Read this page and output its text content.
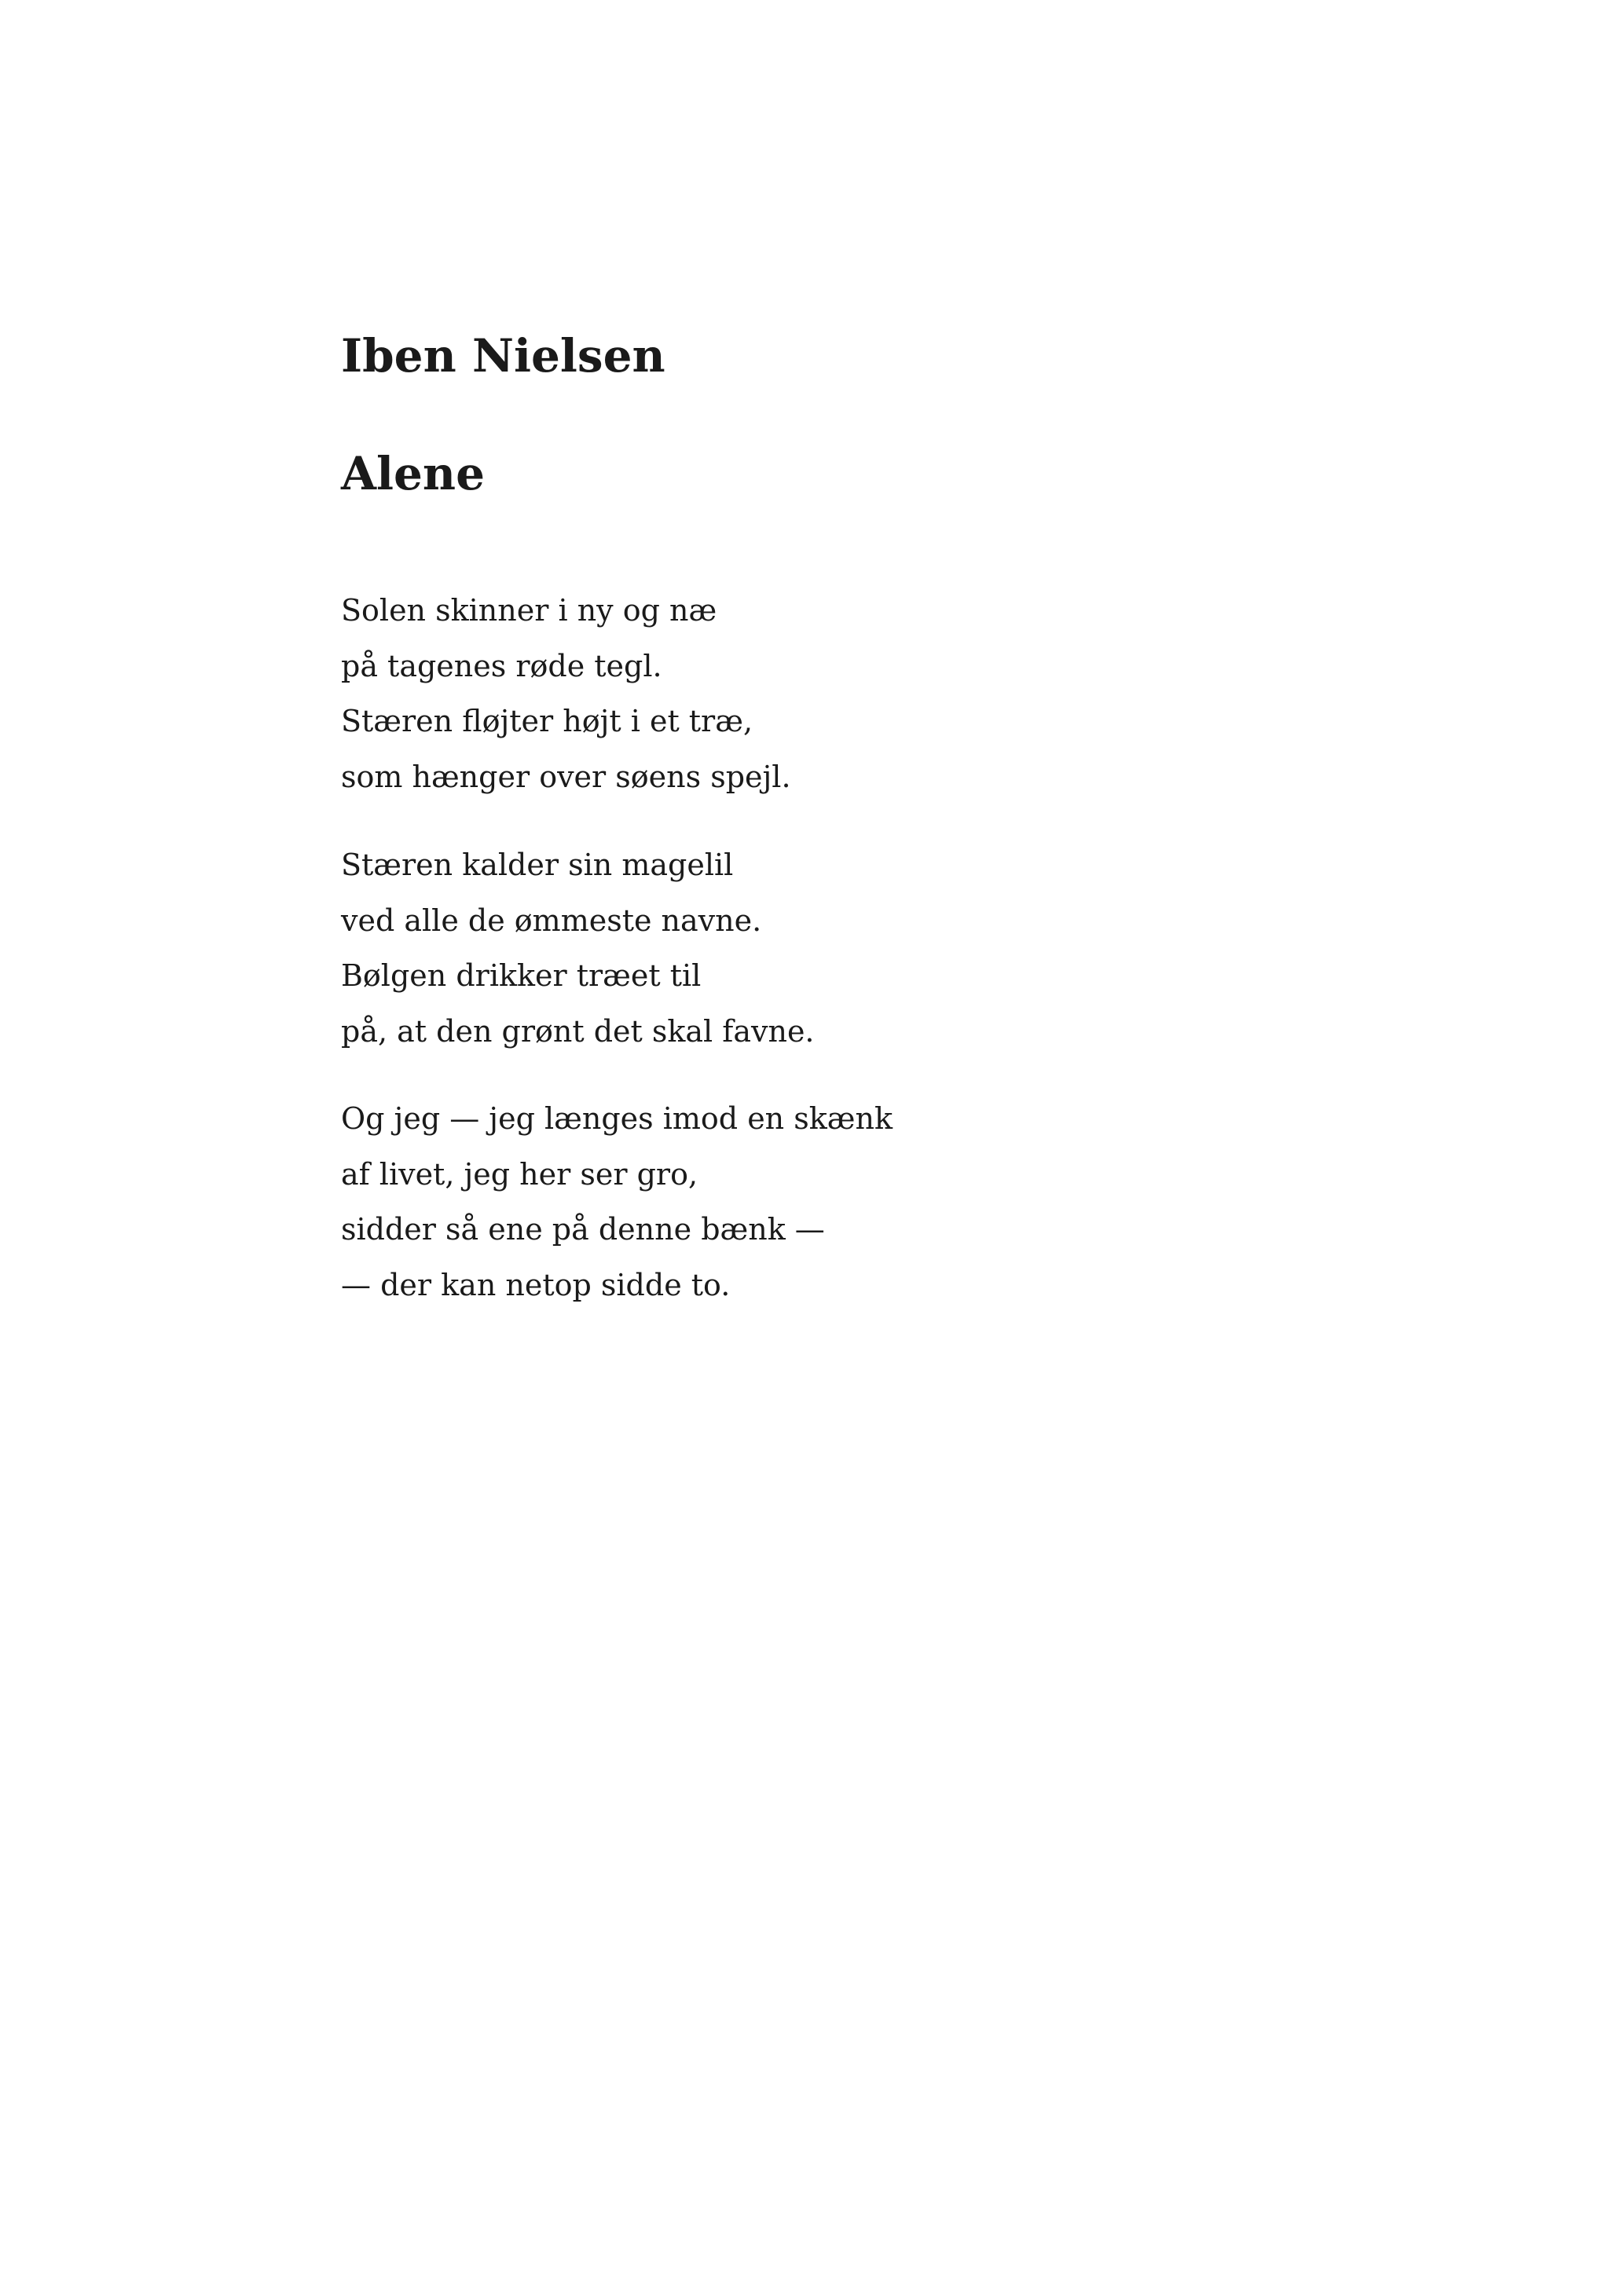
Iben Nielsen
Alene
Solen skinner i ny og næ
på tagenes røde tegl.
Stæren fløjter højt i et træ,
som hænger over søens spejl.
Stæren kalder sin magelil
ved alle de ømmeste navne.
Bølgen drikker træet til
på, at den grønt det skal favne.
Og jeg — jeg længes imod en skænk
af livet, jeg her ser gro,
sidder så ene på denne bænk —
— der kan netop sidde to.
